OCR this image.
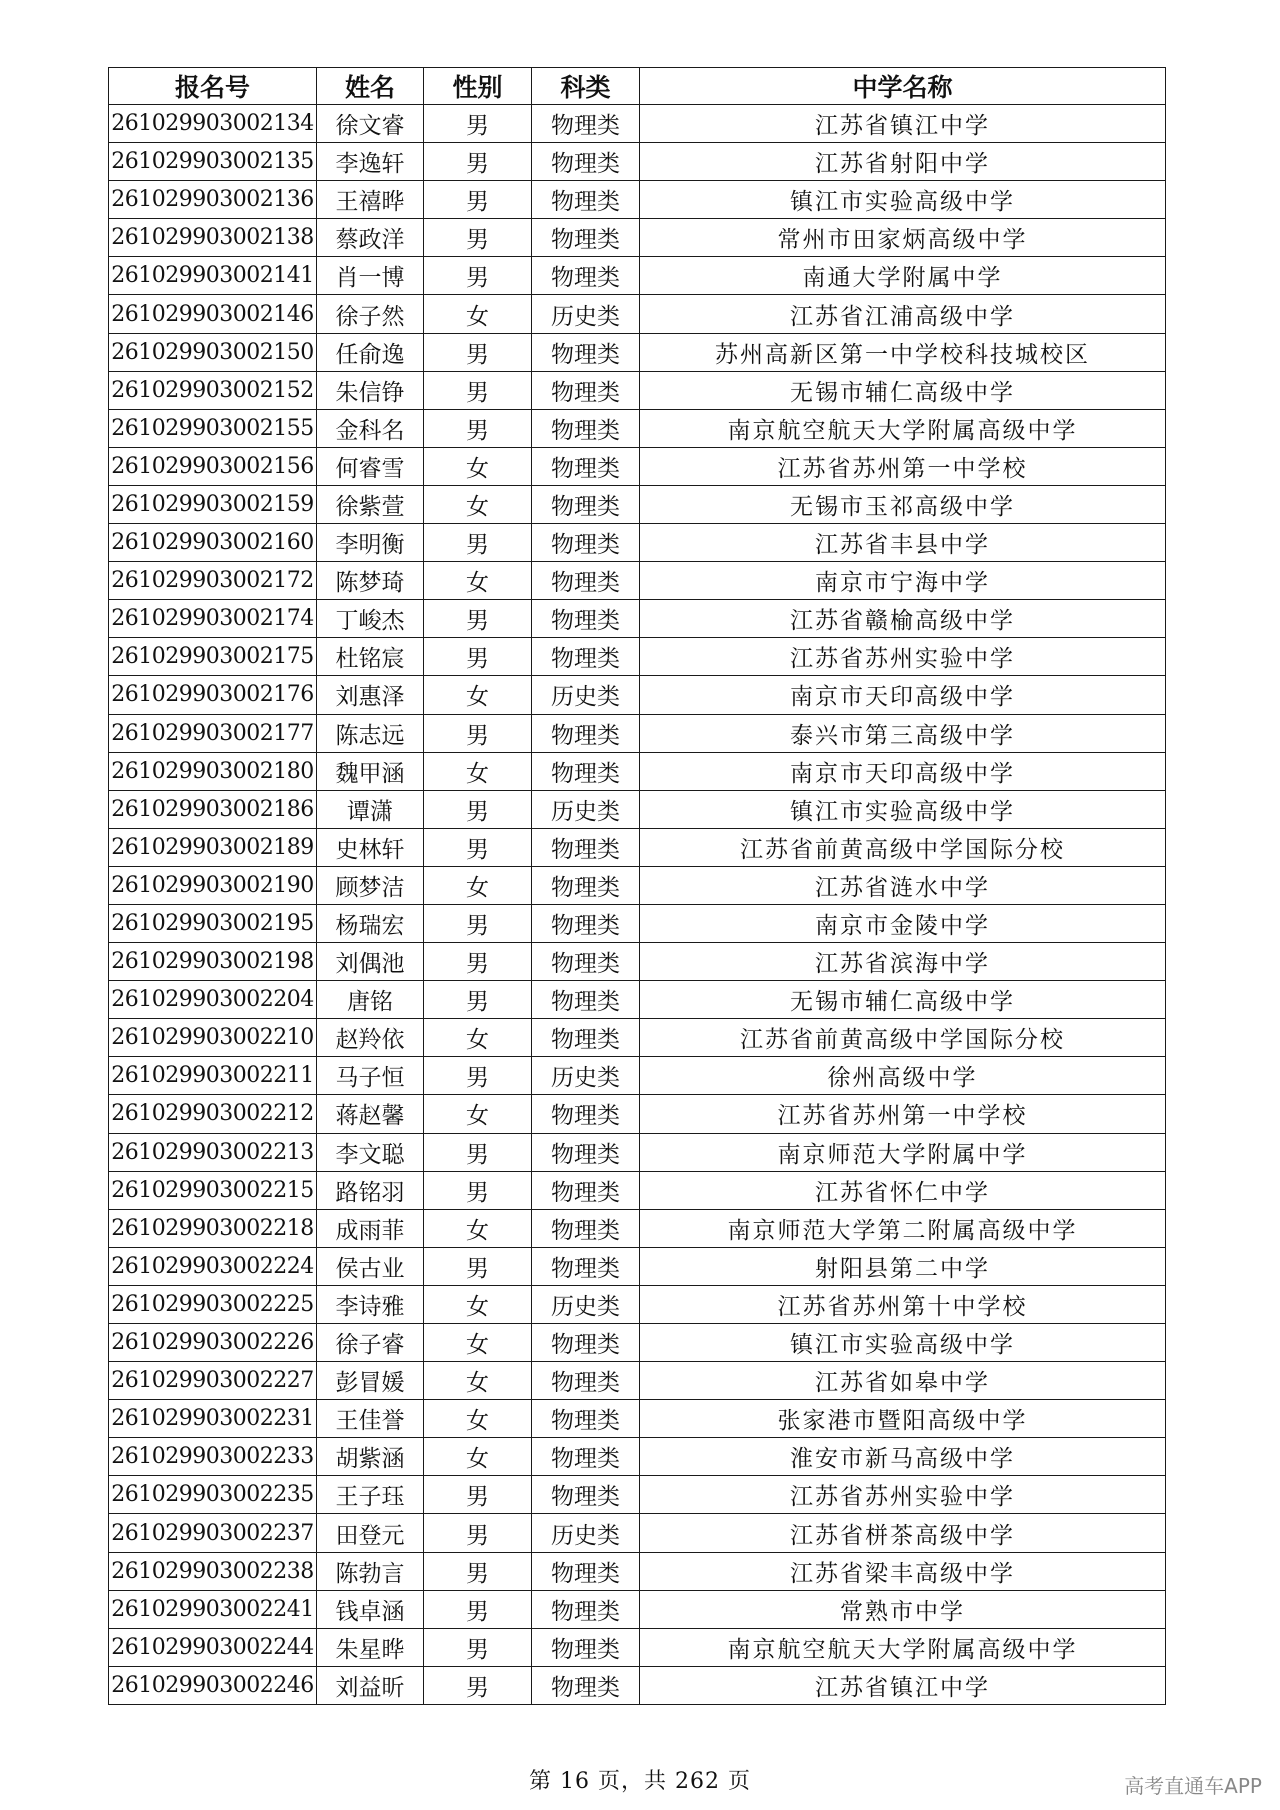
报名号	姓名	性别	科类	中学名称
261029903002134	徐文睿	男	物理类	江苏省镇江中学
261029903002135	李逸轩	男	物理类	江苏省射阳中学
261029903002136	王禧晔	男	物理类	镇江市实验高级中学
261029903002138	蔡政洋	男	物理类	常州市田家炳高级中学
261029903002141	肖一博	男	物理类	南通大学附属中学
261029903002146	徐子然	女	历史类	江苏省江浦高级中学
261029903002150	任俞逸	男	物理类	苏州高新区第一中学校科技城校区
261029903002152	朱信铮	男	物理类	无锡市辅仁高级中学
261029903002155	金科名	男	物理类	南京航空航天大学附属高级中学
261029903002156	何睿雪	女	物理类	江苏省苏州第一中学校
261029903002159	徐紫萱	女	物理类	无锡市玉祁高级中学
261029903002160	李明衡	男	物理类	江苏省丰县中学
261029903002172	陈梦琦	女	物理类	南京市宁海中学
261029903002174	丁峻杰	男	物理类	江苏省赣榆高级中学
261029903002175	杜铭宸	男	物理类	江苏省苏州实验中学
261029903002176	刘惠泽	女	历史类	南京市天印高级中学
261029903002177	陈志远	男	物理类	泰兴市第三高级中学
261029903002180	魏甲涵	女	物理类	南京市天印高级中学
261029903002186	谭潇	男	历史类	镇江市实验高级中学
261029903002189	史林轩	男	物理类	江苏省前黄高级中学国际分校
261029903002190	顾梦洁	女	物理类	江苏省涟水中学
261029903002195	杨瑞宏	男	物理类	南京市金陵中学
261029903002198	刘偶池	男	物理类	江苏省滨海中学
261029903002204	唐铭	男	物理类	无锡市辅仁高级中学
261029903002210	赵羚依	女	物理类	江苏省前黄高级中学国际分校
261029903002211	马子恒	男	历史类	徐州高级中学
261029903002212	蒋赵馨	女	物理类	江苏省苏州第一中学校
261029903002213	李文聪	男	物理类	南京师范大学附属中学
261029903002215	路铭羽	男	物理类	江苏省怀仁中学
261029903002218	成雨菲	女	物理类	南京师范大学第二附属高级中学
261029903002224	侯古业	男	物理类	射阳县第二中学
261029903002225	李诗雅	女	历史类	江苏省苏州第十中学校
261029903002226	徐子睿	女	物理类	镇江市实验高级中学
261029903002227	彭冒媛	女	物理类	江苏省如皋中学
261029903002231	王佳誉	女	物理类	张家港市暨阳高级中学
261029903002233	胡紫涵	女	物理类	淮安市新马高级中学
261029903002235	王子珏	男	物理类	江苏省苏州实验中学
261029903002237	田登元	男	历史类	江苏省栟茶高级中学
261029903002238	陈勃言	男	物理类	江苏省梁丰高级中学
261029903002241	钱卓涵	男	物理类	常熟市中学
261029903002244	朱星晔	男	物理类	南京航空航天大学附属高级中学
261029903002246	刘益昕	男	物理类	江苏省镇江中学
第 16 页，共 262 页	高考直通车APP
